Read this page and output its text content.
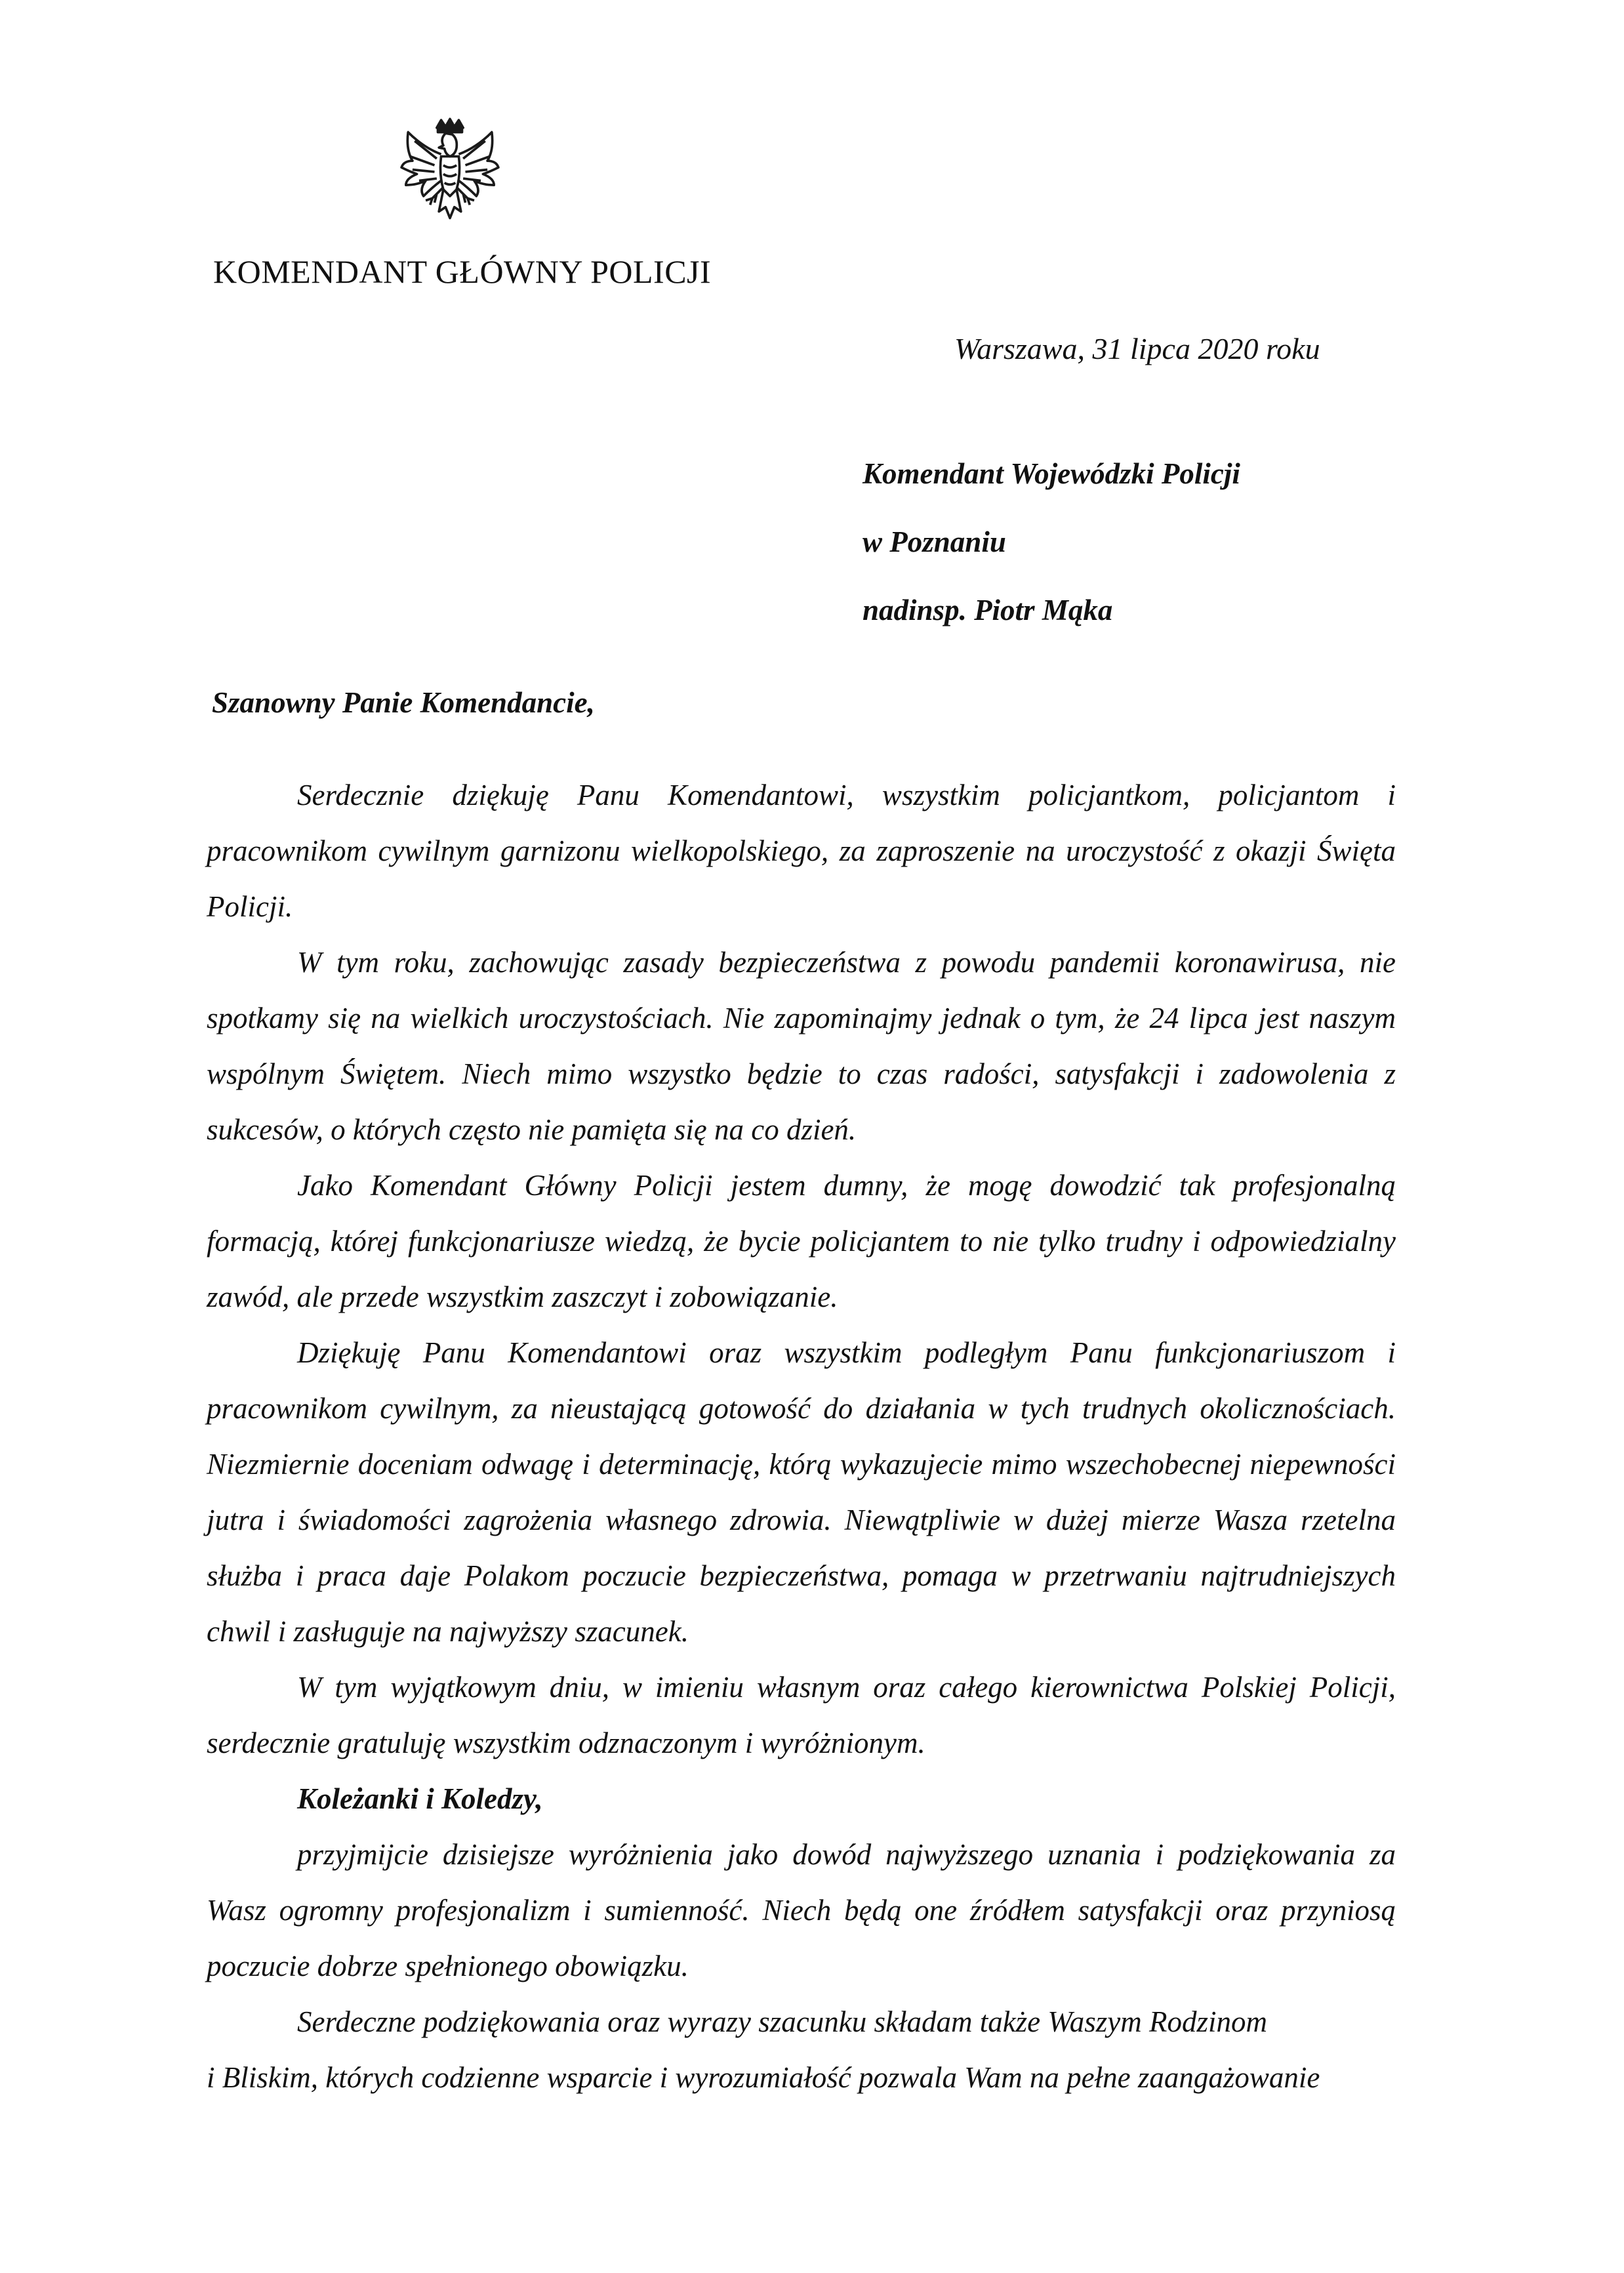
KOMENDANT GŁÓWNY POLICJI
Warszawa, 31 lipca 2020 roku
Komendant Wojewódzki Policji
w Poznaniu
nadinsp. Piotr Mąka
Szanowny Panie Komendancie,

Serdecznie dziękuję Panu Komendantowi, wszystkim policjantkom, policjantom i pracownikom cywilnym garnizonu wielkopolskiego, za zaproszenie na uroczystość z okazji Święta Policji.

W tym roku, zachowując zasady bezpieczeństwa z powodu pandemii koronawirusa, nie spotkamy się na wielkich uroczystościach. Nie zapominajmy jednak o tym, że 24 lipca jest naszym wspólnym Świętem. Niech mimo wszystko będzie to czas radości, satysfakcji i zadowolenia z sukcesów, o których często nie pamięta się na co dzień.

Jako Komendant Główny Policji jestem dumny, że mogę dowodzić tak profesjonalną formacją, której funkcjonariusze wiedzą, że bycie policjantem to nie tylko trudny i odpowiedzialny zawód, ale przede wszystkim zaszczyt i zobowiązanie.

Dziękuję Panu Komendantowi oraz wszystkim podległym Panu funkcjonariuszom i pracownikom cywilnym, za nieustającą gotowość do działania w tych trudnych okolicznościach. Niezmiernie doceniam odwagę i determinację, którą wykazujecie mimo wszechobecnej niepewności jutra i świadomości zagrożenia własnego zdrowia. Niewątpliwie w dużej mierze Wasza rzetelna służba i praca daje Polakom poczucie bezpieczeństwa, pomaga w przetrwaniu najtrudniejszych chwil i zasługuje na najwyższy szacunek.

W tym wyjątkowym dniu, w imieniu własnym oraz całego kierownictwa Polskiej Policji, serdecznie gratuluję wszystkim odznaczonym i wyróżnionym.

Koleżanki i Koledzy,

przyjmijcie dzisiejsze wyróżnienia jako dowód najwyższego uznania i podziękowania za Wasz ogromny profesjonalizm i sumienność. Niech będą one źródłem satysfakcji oraz przyniosą poczucie dobrze spełnionego obowiązku.

Serdeczne podziękowania oraz wyrazy szacunku składam także Waszym Rodzinom
i Bliskim, których codzienne wsparcie i wyrozumiałość pozwala Wam na pełne zaangażowanie
